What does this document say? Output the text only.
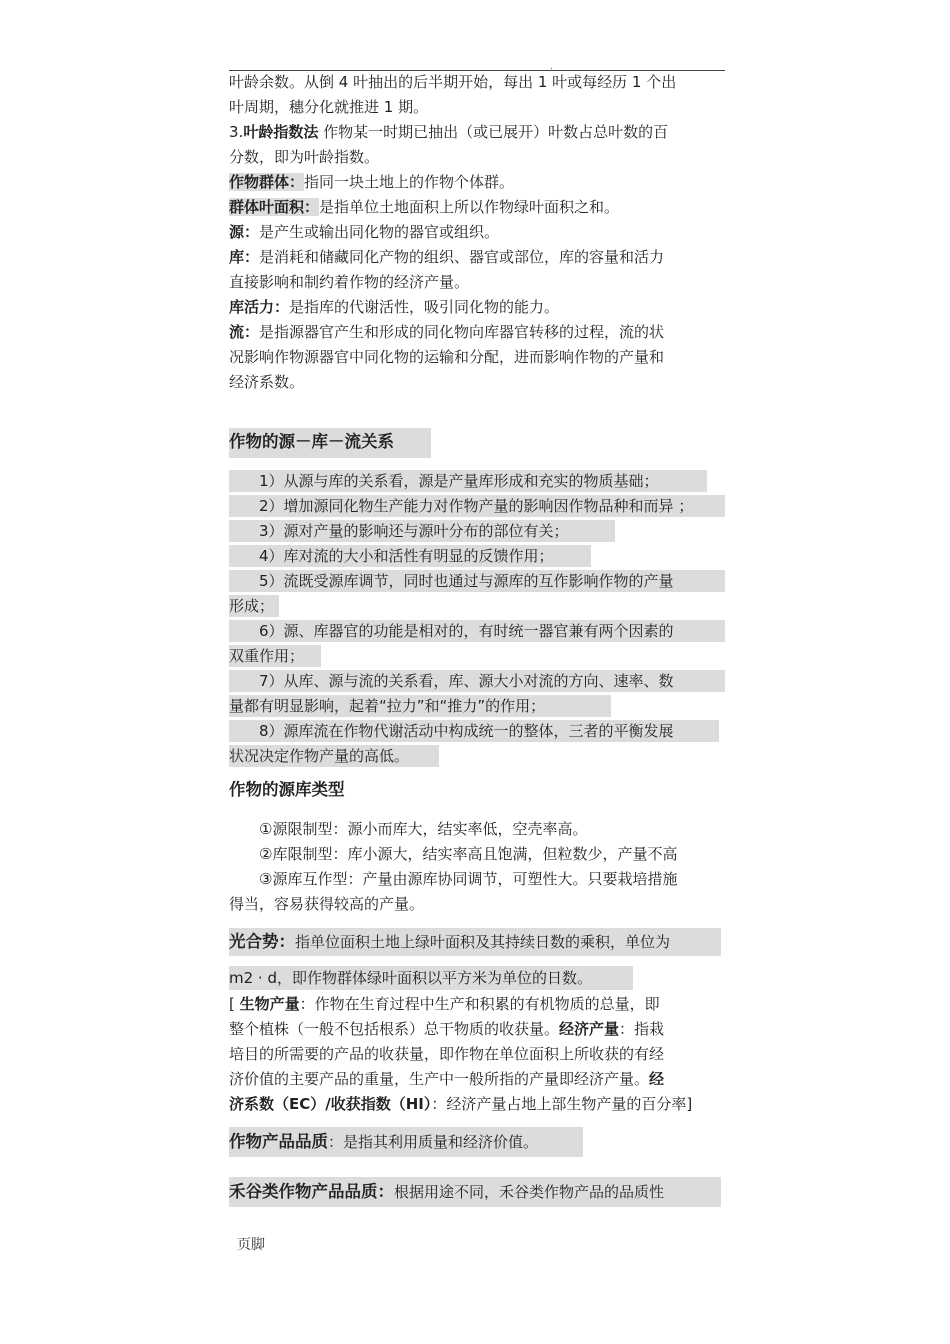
.
叶龄余数。从倒 4 叶抽出的后半期开始，每出 1 叶或每经历 1 个出
叶周期，穗分化就推进 1 期。
3.叶龄指数法 作物某一时期已抽出（或已展开）叶数占总叶数的百
分数，即为叶龄指数。
作物群体：指同一块土地上的作物个体群。
群体叶面积：是指单位土地面积上所以作物绿叶面积之和。
源：是产生或输出同化物的器官或组织。
库：是消耗和储藏同化产物的组织、器官或部位，库的容量和活力
直接影响和制约着作物的经济产量。
库活力：是指库的代谢活性，吸引同化物的能力。
流：是指源器官产生和形成的同化物向库器官转移的过程，流的状
况影响作物源器官中同化物的运输和分配，进而影响作物的产量和
经济系数。
作物的源－库－流关系
　　1）从源与库的关系看，源是产量库形成和充实的物质基础；
　　2）增加源同化物生产能力对作物产量的影响因作物品种和而异 ；
　　3）源对产量的影响还与源叶分布的部位有关；
　　4）库对流的大小和活性有明显的反馈作用；
　　5）流既受源库调节，同时也通过与源库的互作影响作物的产量
形成；
　　6）源、库器官的功能是相对的，有时统一器官兼有两个因素的
双重作用；
　　7）从库、源与流的关系看，库、源大小对流的方向、速率、数
量都有明显影响，起着“拉力”和“推力”的作用；
　　8）源库流在作物代谢活动中构成统一的整体，三者的平衡发展
状况决定作物产量的高低。
作物的源库类型
　　①源限制型：源小而库大，结实率低，空壳率高。
　　②库限制型：库小源大，结实率高且饱满，但粒数少，产量不高
　　③源库互作型：产量由源库协同调节，可塑性大。只要栽培措施
得当，容易获得较高的产量。
光合势：指单位面积土地上绿叶面积及其持续日数的乘积，单位为
m2 · d，即作物群体绿叶面积以平方米为单位的日数。
[ 生物产量：作物在生育过程中生产和积累的有机物质的总量，即
整个植株（一般不包括根系）总干物质的收获量。经济产量：指栽
培目的所需要的产品的收获量，即作物在单位面积上所收获的有经
济价值的主要产品的重量，生产中一般所指的产量即经济产量。经
济系数（EC）/收获指数（HI）：经济产量占地上部生物产量的百分率]
作物产品品质：是指其利用质量和经济价值。
禾谷类作物产品品质：根据用途不同，禾谷类作物产品的品质性
页脚
